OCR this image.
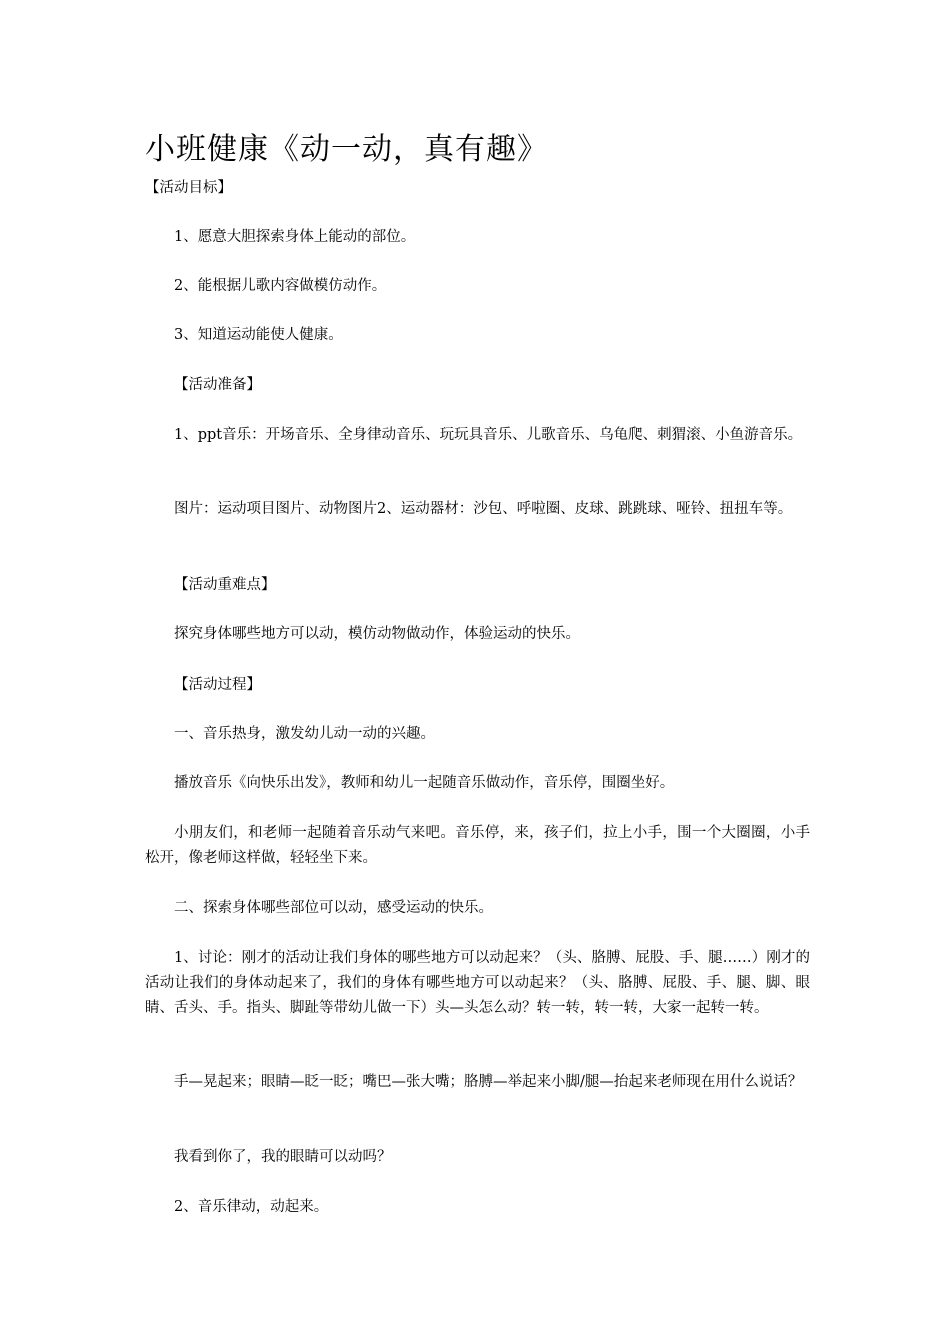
小班健康《动一动，真有趣》

【活动目标】

1、愿意大胆探索身体上能动的部位。

2、能根据儿歌内容做模仿动作。

3、知道运动能使人健康。

【活动准备】

1、ppt音乐：开场音乐、全身律动音乐、玩玩具音乐、儿歌音乐、乌龟爬、刺猬滚、小鱼游音乐。

图片：运动项目图片、动物图片2、运动器材：沙包、呼啦圈、皮球、跳跳球、哑铃、扭扭车等。

【活动重难点】

探究身体哪些地方可以动，模仿动物做动作，体验运动的快乐。

【活动过程】

一、音乐热身，激发幼儿动一动的兴趣。

播放音乐《向快乐出发》，教师和幼儿一起随音乐做动作，音乐停，围圈坐好。

小朋友们，和老师一起随着音乐动气来吧。音乐停，来，孩子们，拉上小手，围一个大圈圈，小手松开，像老师这样做，轻轻坐下来。

二、探索身体哪些部位可以动，感受运动的快乐。

1、讨论：刚才的活动让我们身体的哪些地方可以动起来？（头、胳膊、屁股、手、腿……）刚才的活动让我们的身体动起来了，我们的身体有哪些地方可以动起来？（头、胳膊、屁股、手、腿、脚、眼睛、舌头、手。指头、脚趾等带幼儿做一下）头—头怎么动？转一转，转一转，大家一起转一转。

手—晃起来；眼睛—眨一眨；嘴巴—张大嘴；胳膊—举起来小脚/腿—抬起来老师现在用什么说话？

我看到你了，我的眼睛可以动吗？

2、音乐律动，动起来。
